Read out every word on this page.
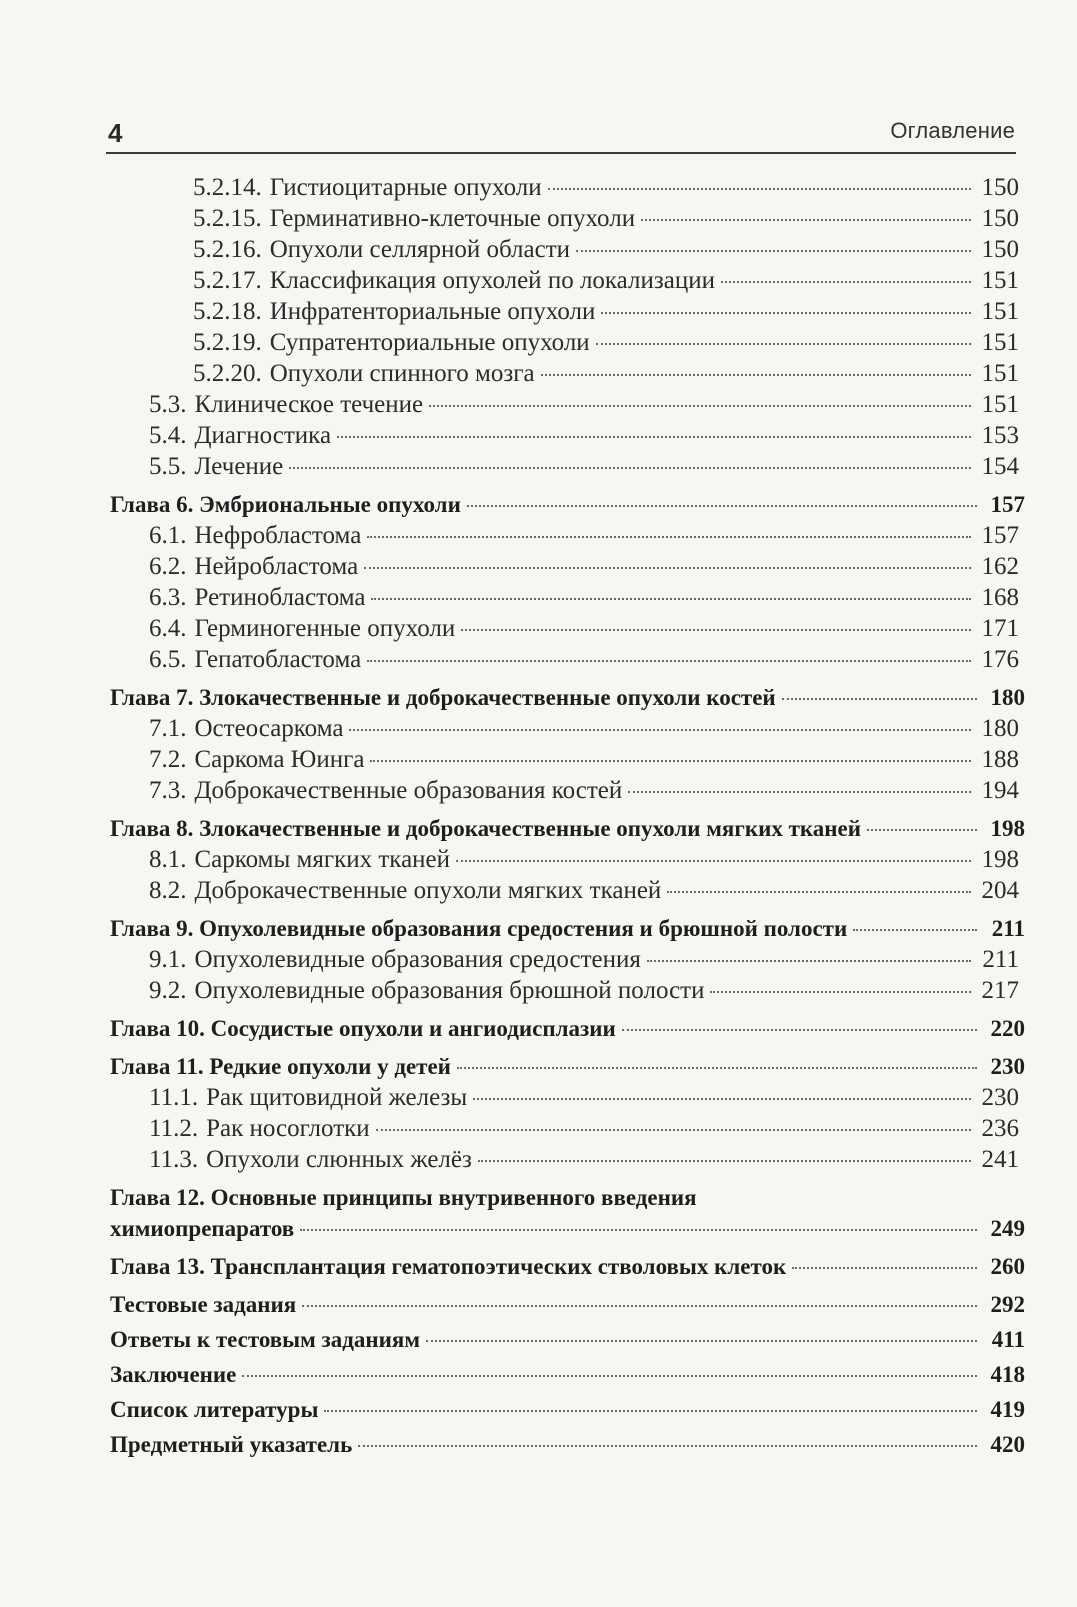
4	Оглавление
5.2.14. Гистиоцитарные опухоли	150
5.2.15. Герминативно-клеточные опухоли	150
5.2.16. Опухоли селлярной области	150
5.2.17. Классификация опухолей по локализации	151
5.2.18. Инфратенториальные опухоли	151
5.2.19. Супратенториальные опухоли	151
5.2.20. Опухоли спинного мозга	151
5.3. Клиническое течение	151
5.4. Диагностика	153
5.5. Лечение	154
Глава 6. Эмбриональные опухоли	157
6.1. Нефробластома	157
6.2. Нейробластома	162
6.3. Ретинобластома	168
6.4. Герминогенные опухоли	171
6.5. Гепатобластома	176
Глава 7. Злокачественные и доброкачественные опухоли костей	180
7.1. Остеосаркома	180
7.2. Саркома Юинга	188
7.3. Доброкачественные образования костей	194
Глава 8. Злокачественные и доброкачественные опухоли мягких тканей	198
8.1. Саркомы мягких тканей	198
8.2. Доброкачественные опухоли мягких тканей	204
Глава 9. Опухолевидные образования средостения и брюшной полости	211
9.1. Опухолевидные образования средостения	211
9.2. Опухолевидные образования брюшной полости	217
Глава 10. Сосудистые опухоли и ангиодисплазии	220
Глава 11. Редкие опухоли у детей	230
11.1. Рак щитовидной железы	230
11.2. Рак носоглотки	236
11.3. Опухоли слюнных желёз	241
Глава 12. Основные принципы внутривенного введения
химиопрепаратов	249
Глава 13. Трансплантация гематопоэтических стволовых клеток	260
Тестовые задания	292
Ответы к тестовым заданиям	411
Заключение	418
Список литературы	419
Предметный указатель	420
